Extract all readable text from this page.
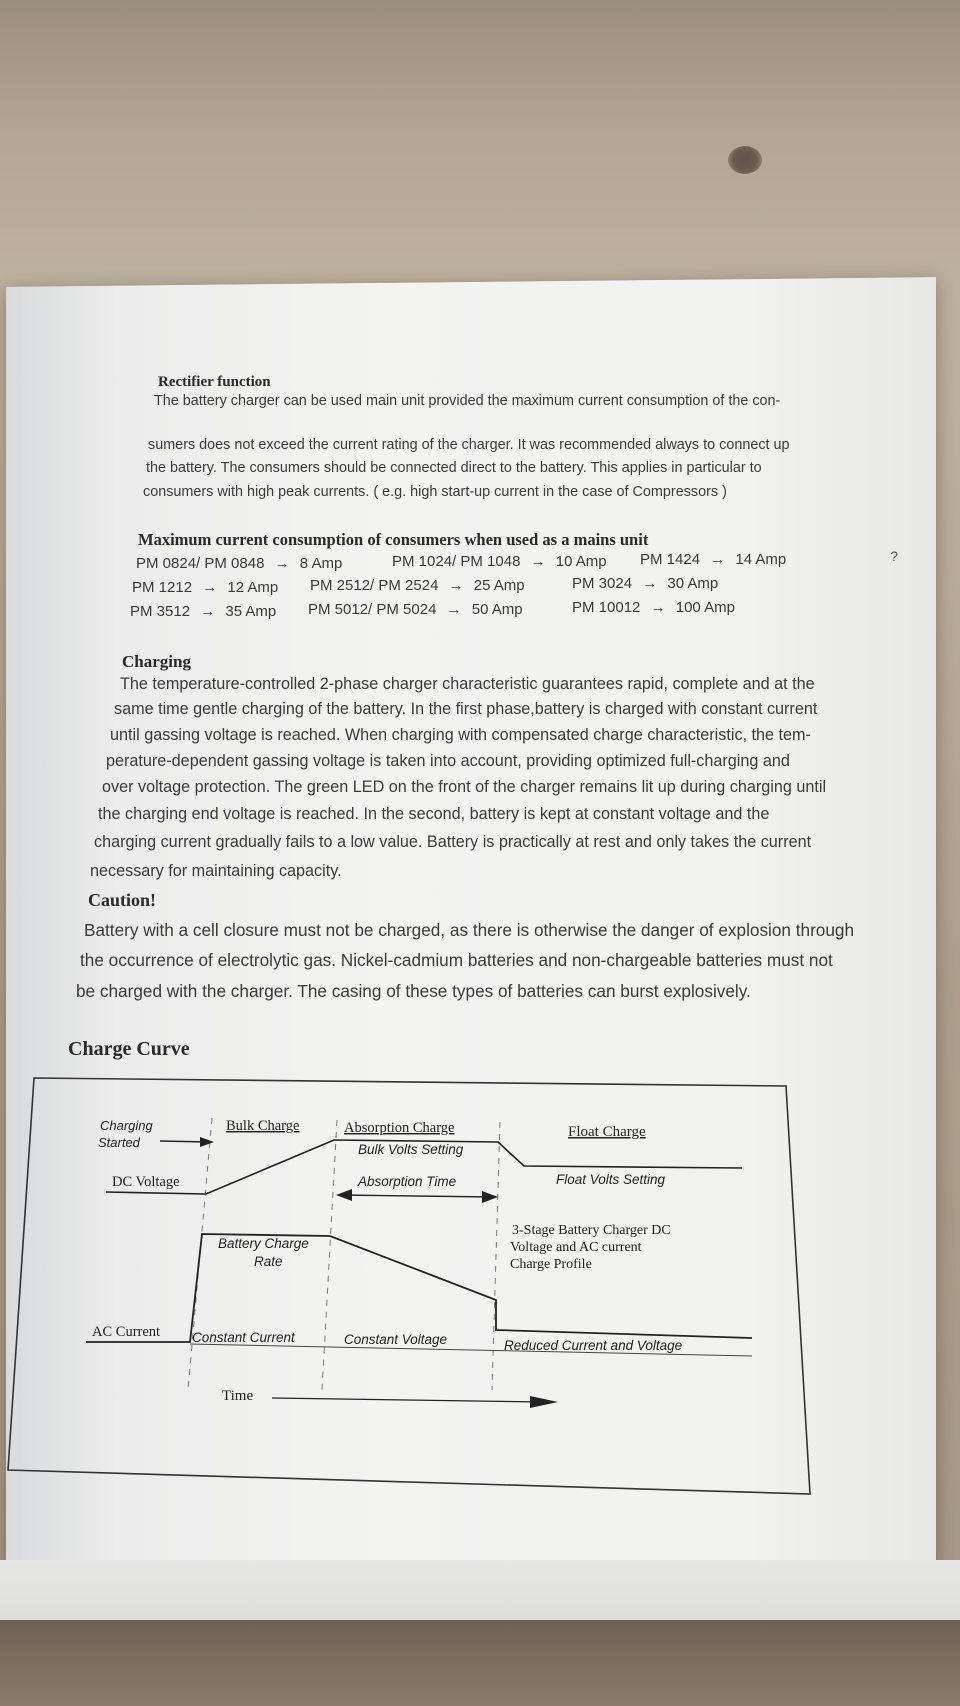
Rectifier function
The battery charger can be used main unit provided the maximum current consumption of the con-
sumers does not exceed the current rating of the charger. It was recommended always to connect up
the battery. The consumers should be connected direct to the battery. This applies in particular to
consumers with high peak currents. ( e.g. high start-up current in the case of Compressors )
Maximum current consumption of consumers when used as a mains unit
PM 0824/ PM 0848 → 8 Amp	PM 1024/ PM 1048 → 10 Amp PM 1424 → 14 Amp
PM 1212 → 12 Amp PM 2512/ PM 2524 → 25 Amp	PM 3024 → 30 Amp
PM 3512 → 35 Amp PM 5012/ PM 5024 → 50 Amp	PM 10012 → 100 Amp
?
Charging
The temperature-controlled 2-phase charger characteristic guarantees rapid, complete and at the
same time gentle charging of the battery. In the first phase,battery is charged with constant current
until gassing voltage is reached. When charging with compensated charge characteristic, the tem-
perature-dependent gassing voltage is taken into account, providing optimized full-charging and
over voltage protection. The green LED on the front of the charger remains lit up during charging until
the charging end voltage is reached. In the second, battery is kept at constant voltage and the
charging current gradually fails to a low value. Battery is practically at rest and only takes the current
necessary for maintaining capacity.
Caution!
Battery with a cell closure must not be charged, as there is otherwise the danger of explosion through
the occurrence of electrolytic gas. Nickel-cadmium batteries and non-chargeable batteries must not
be charged with the charger. The casing of these types of batteries can burst explosively.
Charge Curve
Charging
Started
Bulk Charge	Absorption Charge	Float Charge
Bulk Volts Setting
Float Volts Setting
Absorption Time
DC Voltage
Battery Charge
Rate
3-Stage Battery Charger DC
Voltage and AC current
Charge Profile
AC Current Constant Current	Constant Voltage	Reduced Current and Voltage
Time
